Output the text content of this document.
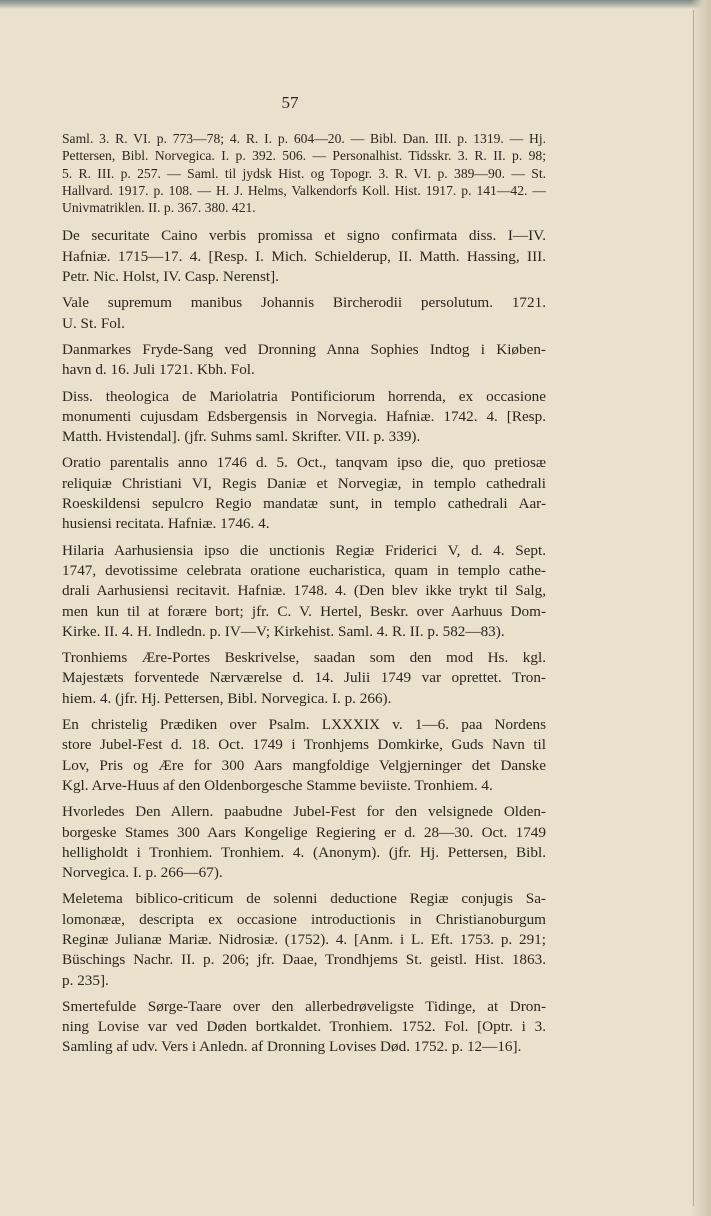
57
Saml. 3. R. VI. p. 773—78; 4. R. I. p. 604—20. — Bibl. Dan. III. p. 1319. — Hj.
Pettersen, Bibl. Norvegica. I. p. 392. 506. — Personalhist. Tidsskr. 3. R. II. p. 98;
5. R. III. p. 257. — Saml. til jydsk Hist. og Topogr. 3. R. VI. p. 389—90. — St.
Hallvard. 1917. p. 108. — H. J. Helms, Valkendorfs Koll. Hist. 1917. p. 141—42. —
Univmatriklen. II. p. 367. 380. 421.
De securitate Caino verbis promissa et signo confirmata diss. I—IV.
Hafniæ. 1715—17. 4. [Resp. I. Mich. Schielderup, II. Matth. Hassing, III.
Petr. Nic. Holst, IV. Casp. Nerenst].
Vale supremum manibus Johannis Bircherodii persolutum. 1721.
U. St. Fol.
Danmarkes Fryde-Sang ved Dronning Anna Sophies Indtog i Kiøben-
havn d. 16. Juli 1721. Kbh. Fol.
Diss. theologica de Mariolatria Pontificiorum horrenda, ex occasione
monumenti cujusdam Edsbergensis in Norvegia. Hafniæ. 1742. 4. [Resp.
Matth. Hvistendal]. (jfr. Suhms saml. Skrifter. VII. p. 339).
Oratio parentalis anno 1746 d. 5. Oct., tanqvam ipso die, quo pretiosæ
reliquiæ Christiani VI, Regis Daniæ et Norvegiæ, in templo cathedrali
Roeskildensi sepulcro Regio mandatæ sunt, in templo cathedrali Aar-
husiensi recitata. Hafniæ. 1746. 4.
Hilaria Aarhusiensia ipso die unctionis Regiæ Friderici V, d. 4. Sept.
1747, devotissime celebrata oratione eucharistica, quam in templo cathe-
drali Aarhusiensi recitavit. Hafniæ. 1748. 4. (Den blev ikke trykt til Salg,
men kun til at forære bort; jfr. C. V. Hertel, Beskr. over Aarhuus Dom-
Kirke. II. 4. H. Indledn. p. IV—V; Kirkehist. Saml. 4. R. II. p. 582—83).
Tronhiems Ære-Portes Beskrivelse, saadan som den mod Hs. kgl.
Majestæts forventede Nærværelse d. 14. Julii 1749 var oprettet. Tron-
hiem. 4. (jfr. Hj. Pettersen, Bibl. Norvegica. I. p. 266).
En christelig Prædiken over Psalm. LXXXIX v. 1—6. paa Nordens
store Jubel-Fest d. 18. Oct. 1749 i Tronhjems Domkirke, Guds Navn til
Lov, Pris og Ære for 300 Aars mangfoldige Velgjerninger det Danske
Kgl. Arve-Huus af den Oldenborgesche Stamme beviiste. Tronhiem. 4.
Hvorledes Den Allern. paabudne Jubel-Fest for den velsignede Olden-
borgeske Stames 300 Aars Kongelige Regiering er d. 28—30. Oct. 1749
helligholdt i Tronhiem. Tronhiem. 4. (Anonym). (jfr. Hj. Pettersen, Bibl.
Norvegica. I. p. 266—67).
Meletema biblico-criticum de solenni deductione Regiæ conjugis Sa-
lomonææ, descripta ex occasione introductionis in Christianoburgum
Reginæ Julianæ Mariæ. Nidrosiæ. (1752). 4. [Anm. i L. Eft. 1753. p. 291;
Büschings Nachr. II. p. 206; jfr. Daae, Trondhjems St. geistl. Hist. 1863.
p. 235].
Smertefulde Sørge-Taare over den allerbedrøveligste Tidinge, at Dron-
ning Lovise var ved Døden bortkaldet. Tronhiem. 1752. Fol. [Optr. i 3.
Samling af udv. Vers i Anledn. af Dronning Lovises Død. 1752. p. 12—16].
